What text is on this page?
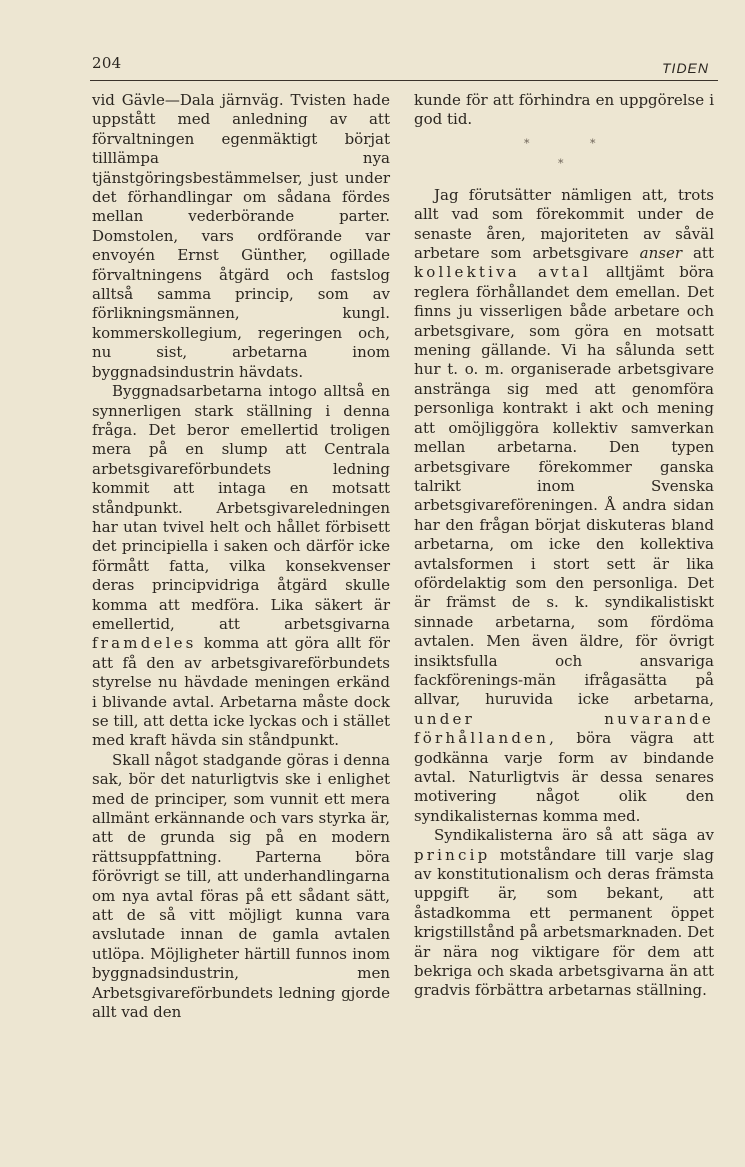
204	TIDEN

vid Gävle—Dala järnväg. Tvisten hade uppstått med anledning av att förvaltningen egenmäktigt börjat tilllämpa nya tjänstgöringsbestämmelser, just under det förhandlingar om sådana fördes mellan vederbörande parter. Domstolen, vars ordförande var envoyén Ernst Günther, ogillade förvaltningens åtgärd och fastslog alltså samma princip, som av förlikningsmännen, kungl. kommerskollegium, regeringen och, nu sist, arbetarna inom byggnadsindustrin hävdats.

Byggnadsarbetarna intogo alltså en synnerligen stark ställning i denna fråga. Det beror emellertid troligen mera på en slump att Centrala arbetsgivareförbundets ledning kommit att intaga en motsatt ståndpunkt. Arbetsgivareledningen har utan tvivel helt och hållet förbisett det principiella i saken och därför icke förmått fatta, vilka konsekvenser deras principvidriga åtgärd skulle komma att medföra. Lika säkert är emellertid, att arbetsgivarna framdeles komma att göra allt för att få den av arbetsgivareförbundets styrelse nu hävdade meningen erkänd i blivande avtal. Arbetarna måste dock se till, att detta icke lyckas och i stället med kraft hävda sin ståndpunkt.

Skall något stadgande göras i denna sak, bör det naturligtvis ske i enlighet med de principer, som vunnit ett mera allmänt erkännande och vars styrka är, att de grunda sig på en modern rättsuppfattning. Parterna böra förövrigt se till, att underhandlingarna om nya avtal föras på ett sådant sätt, att de så vitt möjligt kunna vara avslutade innan de gamla avtalen utlöpa. Möjligheter härtill funnos inom byggnadsindustrin, men Arbetsgivareförbundets ledning gjorde allt vad den

kunde för att förhindra en uppgörelse i god tid.

*	*
*

Jag förutsätter nämligen att, trots allt vad som förekommit under de senaste åren, majoriteten av såväl arbetare som arbetsgivare anser att kollektiva avtal alltjämt böra reglera förhållandet dem emellan. Det finns ju visserligen både arbetare och arbetsgivare, som göra en motsatt mening gällande. Vi ha sålunda sett hur t. o. m. organiserade arbetsgivare anstränga sig med att genomföra personliga kontrakt i akt och mening att omöjliggöra kollektiv samverkan mellan arbetarna. Den typen arbetsgivare förekommer ganska talrikt inom Svenska arbetsgivareföreningen. Å andra sidan har den frågan börjat diskuteras bland arbetarna, om icke den kollektiva avtalsformen i stort sett är lika ofördelaktig som den personliga. Det är främst de s. k. syndikalistiskt sinnade arbetarna, som fördöma avtalen. Men även äldre, för övrigt insiktsfulla och ansvariga fackförenings-män ifrågasätta på allvar, huruvida icke arbetarna, under nuvarande förhållanden, böra vägra att godkänna varje form av bindande avtal. Naturligtvis är dessa senares motivering något olik den syndikalisternas komma med.

Syndikalisterna äro så att säga av princip motståndare till varje slag av konstitutionalism och deras främsta uppgift är, som bekant, att åstadkomma ett permanent öppet krigstillstånd på arbetsmarknaden. Det är nära nog viktigare för dem att bekriga och skada arbetsgivarna än att gradvis förbättra arbetarnas ställning.
